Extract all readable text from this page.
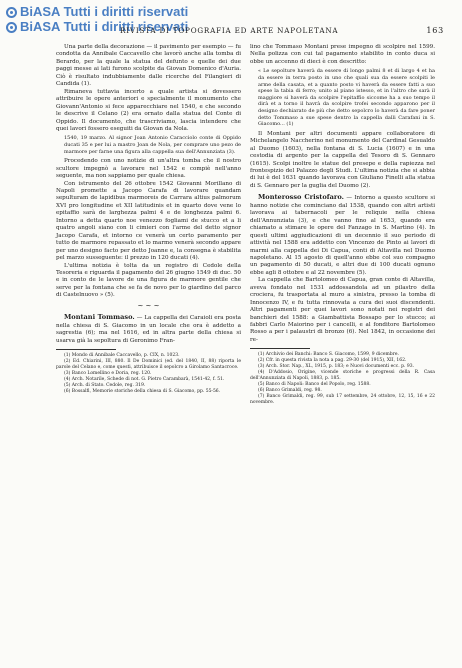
BiASA Tutti i diritti riservati
BiASA Tutti i diritti riservati
RIVISTA DI TOPOGRAFIA ED ARTE NAPOLETANA	163

Una parte della decorazione — il pavimento per esempio — fu condotta da Annibale Caccavello che lavorò anche alla tomba di Berardo, per la quale la statua del defunto e quelle dei due paggi messe ai lati furono scolpite da Giovan Domenico d'Auria. Ciò è risultato indubbiamente dalle ricerche del Filangieri di Candida (1).

Rimaneva tuttavia incerto a quale artista si dovessero attribuire le opere anteriori e specialmente il monumento che Giovann'Antonio si fece apparecchiare nel 1540, e che secondo le descrive il Celano (2) era ornato dalla statua del Conte di Oppido. Il documento, che trascriviamo, lascia intendere che quei lavori fossero eseguiti da Giovan da Nola.

1540, 19 marzo. Al signor Joan Antonio Caracciolo conte di Oppido ducati 35 e per lui a mastro Joan de Nola, per comprare uno pezo de marmore per farne una figura alla cappella sua dell'Annunziata (3).

Procedendo con uno notizie di un'altra tomba che il nostro scultore impegnò a lavorare nel 1542 e compiè nell'anno seguente, ma non sappiamo per quale chiesa.

Con istrumento del 26 ottobre 1542 Giovanni Morillano di Napoli promette a Jacopo Carafa di lavorare quandam sepulturam de lapidibus marmoreis de Carrara altius palmorum XVI pro longitudine et XII latitudinis et in quarto dove vene lo epitaffio sarà de larghezza palmi 4 e de longhezza palmi 6. Intorno a detta quarto noe venezzo fogliami de stucco et a li quatro angoli siano con li cimieri con l'arme del detto signor Jacopo Carafa, et intorno ce venerà un certo paramento per tutto de marmore repassato et lo marmo venerà secondo appare per uno designo facto per detto Joanne e, la consegna è stabilita pel marzo susseguente: il prezzo in 120 ducati (4).

L'ultima notizia è tolta da un registro di Cedole della Tesoreria e riguarda il pagamento del 26 giugno 1549 di duc. 50 e in conto de le lavore de una figura de marmore gentile che serve per la fontana che se fa de novo per lo giardino del parco di Castelnuovo » (5).

~ ~ ~

Montani Tommaso. — La cappella dei Caraioli era posta nella chiesa di S. Giacomo in un locale che ora è addetto a sagrestia (6); ma nel 1616, ed in altra parte della chiesa si usarva già la sepoltura di Geronimo Fran-

(1) Mondo di Annibale Caccavello, p. CIX, n. 1023.

(2) Ed. Chiarini, III, 880. Il De Dominici (ed. del 1840, II, 88) riporta le parole del Celano e, come questi, attribuisce il sepolcro a Girolamo Santacroce.

(3) Banco Lomellino e Doria, reg. 120.

(4) Arch. Notarile, Schede di not. G. Pietro Carambarà, 1541-42, f. 51.

(5) Arch. di Stato. Cedole, reg. 319.

(6) Bossalfi, Memorie storiche della chiesa di S. Giacomo, pp. 55-56.

lino che Tommaso Montani prese impegno di scolpire nel 1599. Nella polizza con cui tal pagamento stabilito in conto duca si obbe un accenno di dieci è con descritto:

« Le sepolture haverà da essere di longo palmi 8 et di largo 4 et ha da essere in terra posto in uno che quali sua da essere scolpiti le arme della casata, et a quanto posto vi haverà da essere fatti a suo spese la tabia di ferro; unito al piano istesso, et in l'altro che sarà il maggiore si haverà da scolpire l'epitaffio siccome ha a suo tempo il dirà et a torno il havrà da scolpire trofei secondo apparono per il designo dechiarato de più che detto sepolcro lo haverà da fare poner detto Tommaso a sue spese dentro la cappella dalli Carafani in S. Giacomo... (1)

Il Montani per altri documenti appare collaboratore di Michelangelo Naccherino nel monumento del Cardinal Gesualdo al Duomo (1603), nella fontana di S. Lucia (1607) e in una cestodia di argento per la cappella del Tesoro di S. Gennaro (1615). Scolpi inoltre le statue del presepe e della rapiezza nel frontespizio del Palazzo degli Studi. L'ultima notizia che si abbia di lui è del 1631 quando lavorava con Giuliano Finelli alla statua di S. Gennaro per la guglia del Duomo (2).

Monterosso Cristofaro. — Intorno a questo scultore si hanno notizie che cominciano dal 1538, quando con altri artisti lavorava ai tabernacoli per le reliquie nella chiesa dell'Annunziata (3), e che vanno fino al 1653, quando era chiamato a stimare le opere del Fanzago in S. Martino (4). In questi ultimi aggiudicazioni di un decennio il suo periodo di attività nel 1588 era addetto con Vincenzo de Pinto ai lavori di marmi alla cappella dei Di Capua, conti di Altavilla nel Duomo napoletano. Al 15 agosto di quell'anno ebbe col suo compagno un pagamento di 50 ducati, e altri due di 100 ducati ognuno ebbe agli 8 ottobre e al 22 novembre (5).

La cappella che Bartolomeo di Capua, gran conte di Altavilla, aveva fondato nel 1531 addossandola ad un pilastro della crociera, fu trasportata al muro a sinistra, presso la tomba di Innocenzo IV, e fu tutta rinnovata a cura dei suoi discendenti. Altri pagamenti per quei lavori sono notati nei registri dei banchieri del 1588: a Giambattista Bossapo per lo stucco; ai fabbri Carlo Maiorino per i cancelli, e al fonditore Bartolomeo Rosso a per i palaustri di bronzo (6). Nel 1842, in occasione dei re-

(1) Archivio dei Banchi: Banco S. Giacomo, 1599, 9 dicembre.

(2) Cfr. in questa rivista la nota a pag. 29-30 (del 1915), XII, 162.

(3) Arch. Stor. Nap., XL, 1915, p. 183; e Nuovi documenti ecc. p. 93.

(4) D'Addosio, Origine, vicende storiche e progressi della R. Casa dell'Annunziata di Napoli, 1883, p. 185.

(5) Banco di Napoli: Banco del Popolo, reg. 1588.

(6) Banco Grimaldi, reg. 98.

(7) Banco Grimaldi, reg. 99, sub 17 settembre, 24 ottobre, 12, 15, 16 e 22 novembre.
